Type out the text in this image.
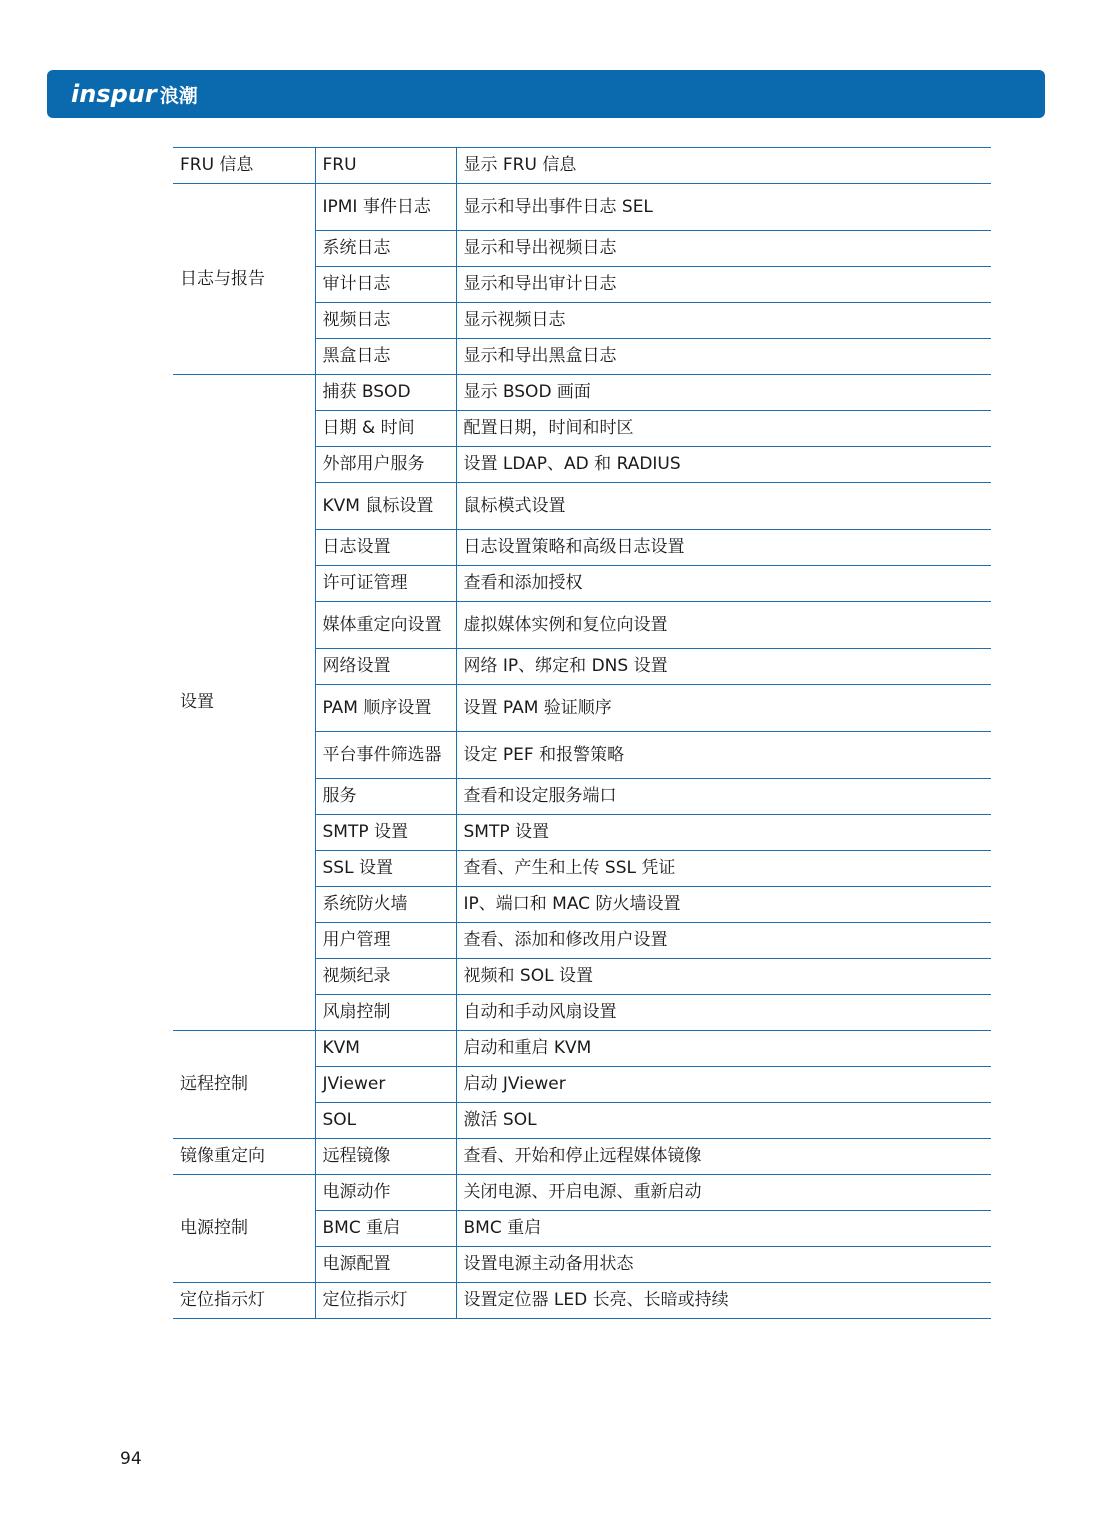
inspur 浪潮
FRU 信息	FRU	显示 FRU 信息
日志与报告	IPMI 事件日志	显示和导出事件日志 SEL
	系统日志	显示和导出视频日志
	审计日志	显示和导出审计日志
	视频日志	显示视频日志
	黑盒日志	显示和导出黑盒日志
设置	捕获 BSOD	显示 BSOD 画面
	日期 & 时间	配置日期，时间和时区
	外部用户服务	设置 LDAP、AD 和 RADIUS
	KVM 鼠标设置	鼠标模式设置
	日志设置	日志设置策略和高级日志设置
	许可证管理	查看和添加授权
	媒体重定向设置	虚拟媒体实例和复位向设置
	网络设置	网络 IP、绑定和 DNS 设置
	PAM 顺序设置	设置 PAM 验证顺序
	平台事件筛选器	设定 PEF 和报警策略
	服务	查看和设定服务端口
	SMTP 设置	SMTP 设置
	SSL 设置	查看、产生和上传 SSL 凭证
	系统防火墙	IP、端口和 MAC 防火墙设置
	用户管理	查看、添加和修改用户设置
	视频纪录	视频和 SOL 设置
	风扇控制	自动和手动风扇设置
远程控制	KVM	启动和重启 KVM
	JViewer	启动 JViewer
	SOL	激活 SOL
镜像重定向	远程镜像	查看、开始和停止远程媒体镜像
电源控制	电源动作	关闭电源、开启电源、重新启动
	BMC 重启	BMC 重启
	电源配置	设置电源主动备用状态
定位指示灯	定位指示灯	设置定位器 LED 长亮、长暗或持续
94
